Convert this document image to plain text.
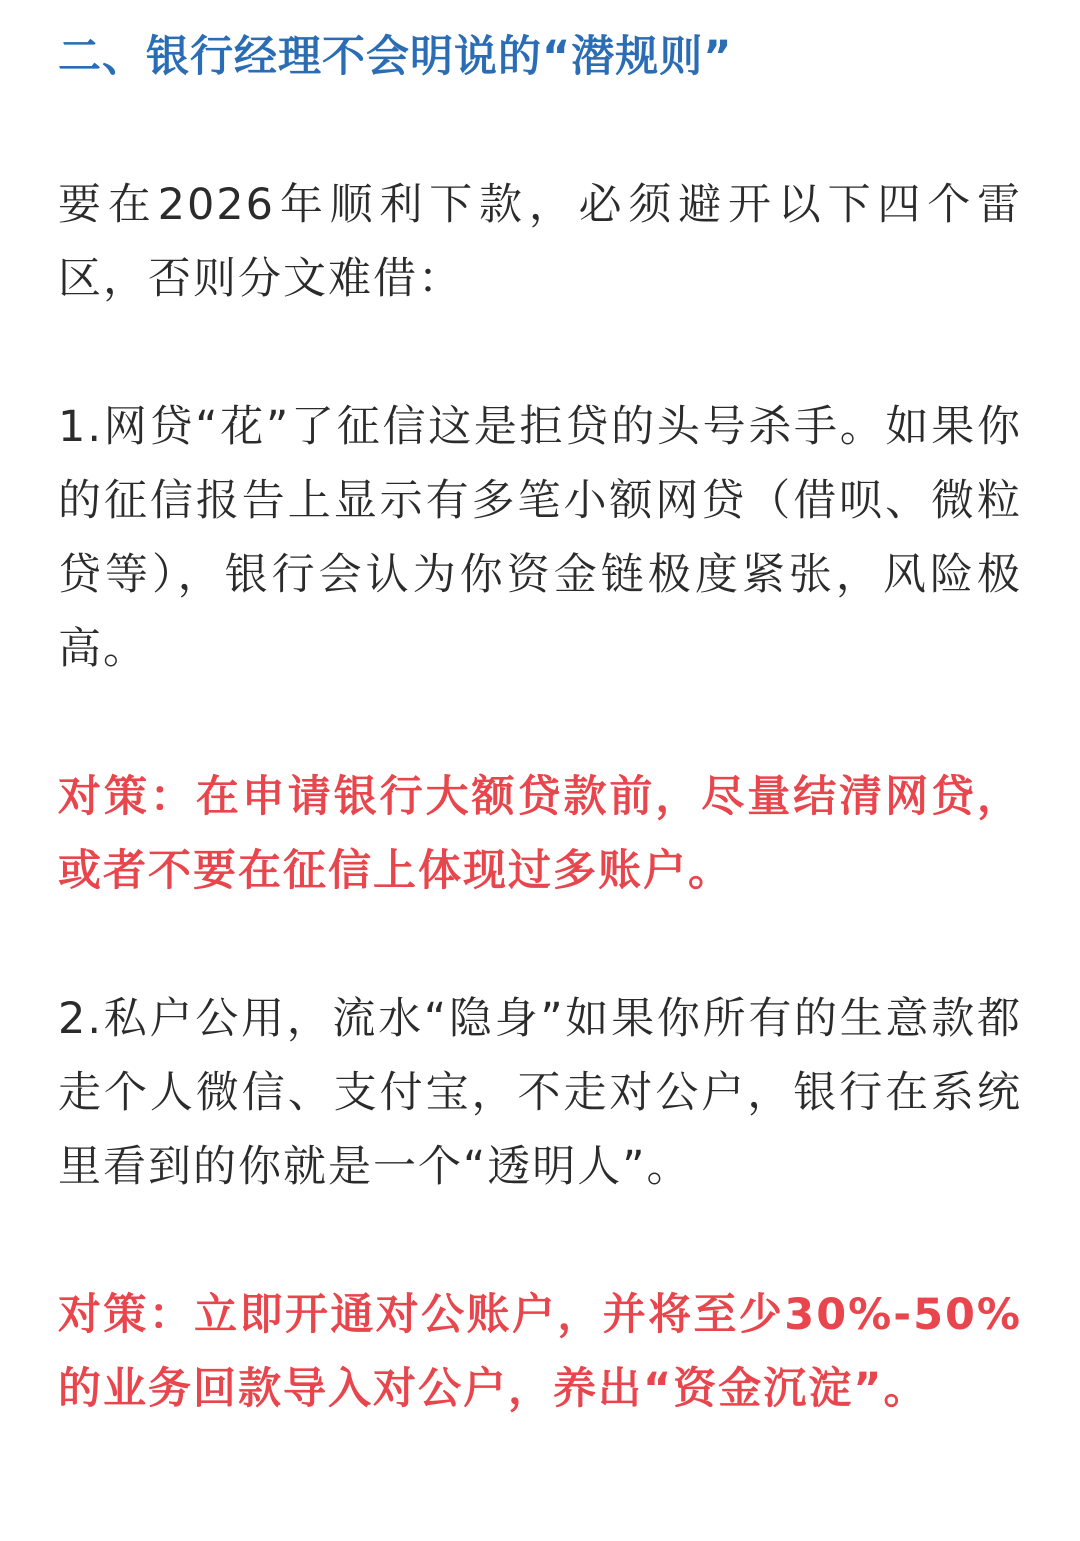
二、银行经理不会明说的“潜规则”

要在2026年顺利下款，必须避开以下四个雷区，否则分文难借：

1.网贷“花”了征信这是拒贷的头号杀手。如果你的征信报告上显示有多笔小额网贷（借呗、微粒贷等），银行会认为你资金链极度紧张，风险极高。

对策：在申请银行大额贷款前，尽量结清网贷，或者不要在征信上体现过多账户。

2.私户公用，流水“隐身”如果你所有的生意款都走个人微信、支付宝，不走对公户，银行在系统里看到的你就是一个“透明人”。

对策：立即开通对公账户，并将至少30%-50%的业务回款导入对公户，养出“资金沉淀”。
